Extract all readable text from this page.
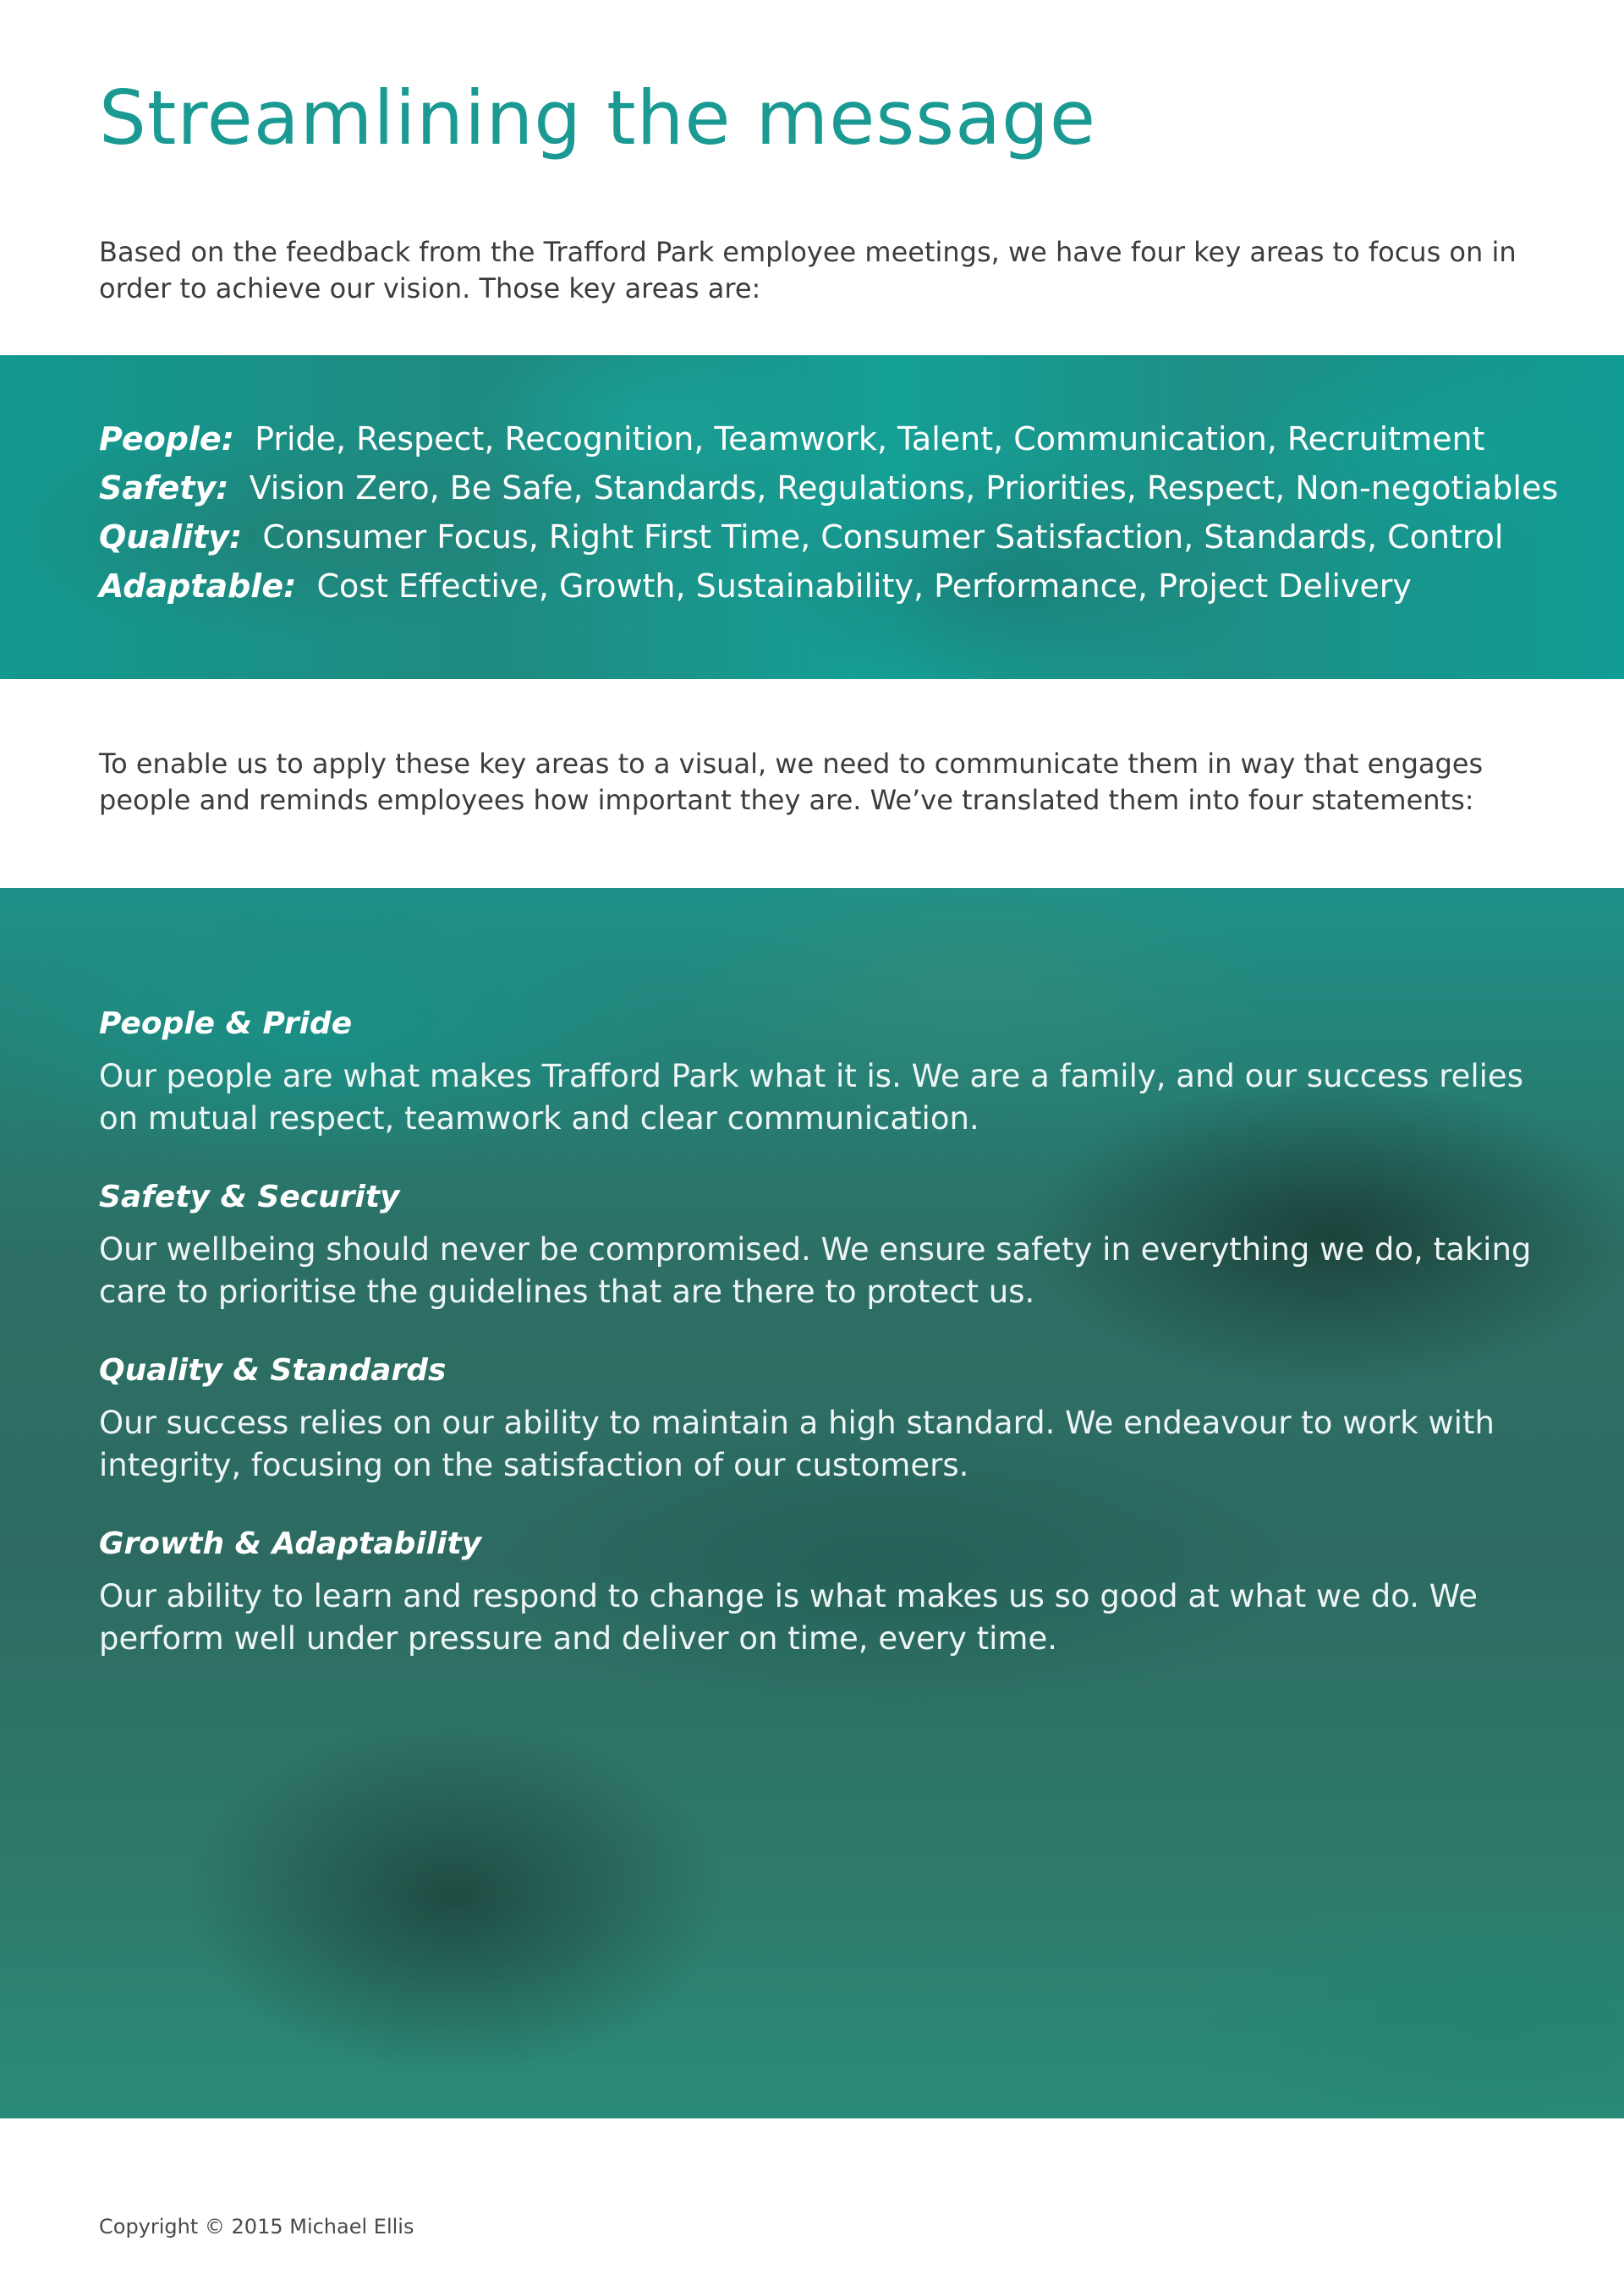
Streamlining the message

Based on the feedback from the Trafford Park employee meetings, we have four key areas to focus on in order to achieve our vision. Those key areas are:

People: Pride, Respect, Recognition, Teamwork, Talent, Communication, Recruitment
Safety: Vision Zero, Be Safe, Standards, Regulations, Priorities, Respect, Non-negotiables
Quality: Consumer Focus, Right First Time, Consumer Satisfaction, Standards, Control
Adaptable: Cost Effective, Growth, Sustainability, Performance, Project Delivery

To enable us to apply these key areas to a visual, we need to communicate them in way that engages people and reminds employees how important they are. We’ve translated them into four statements:

People & Pride

Our people are what makes Trafford Park what it is. We are a family, and our success relies on mutual respect, teamwork and clear communication.

Safety & Security

Our wellbeing should never be compromised. We ensure safety in everything we do, taking care to prioritise the guidelines that are there to protect us.

Quality & Standards

Our success relies on our ability to maintain a high standard. We endeavour to work with integrity, focusing on the satisfaction of our customers.

Growth & Adaptability

Our ability to learn and respond to change is what makes us so good at what we do. We perform well under pressure and deliver on time, every time.

Copyright © 2015 Michael Ellis
